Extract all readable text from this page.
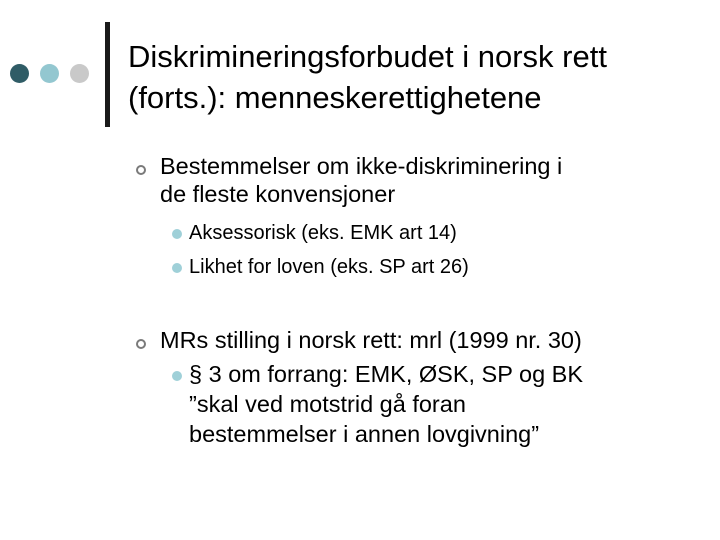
Diskrimineringsforbudet i norsk rett
(forts.): menneskerettighetene

Bestemmelser om ikke-diskriminering i

de fleste konvensjoner

Aksessorisk (eks. EMK art 14)

Likhet for loven (eks. SP art 26)

MRs stilling i norsk rett: mrl (1999 nr. 30)

§ 3 om forrang: EMK, ØSK, SP og BK

”skal ved motstrid gå foran

bestemmelser i annen lovgivning”
